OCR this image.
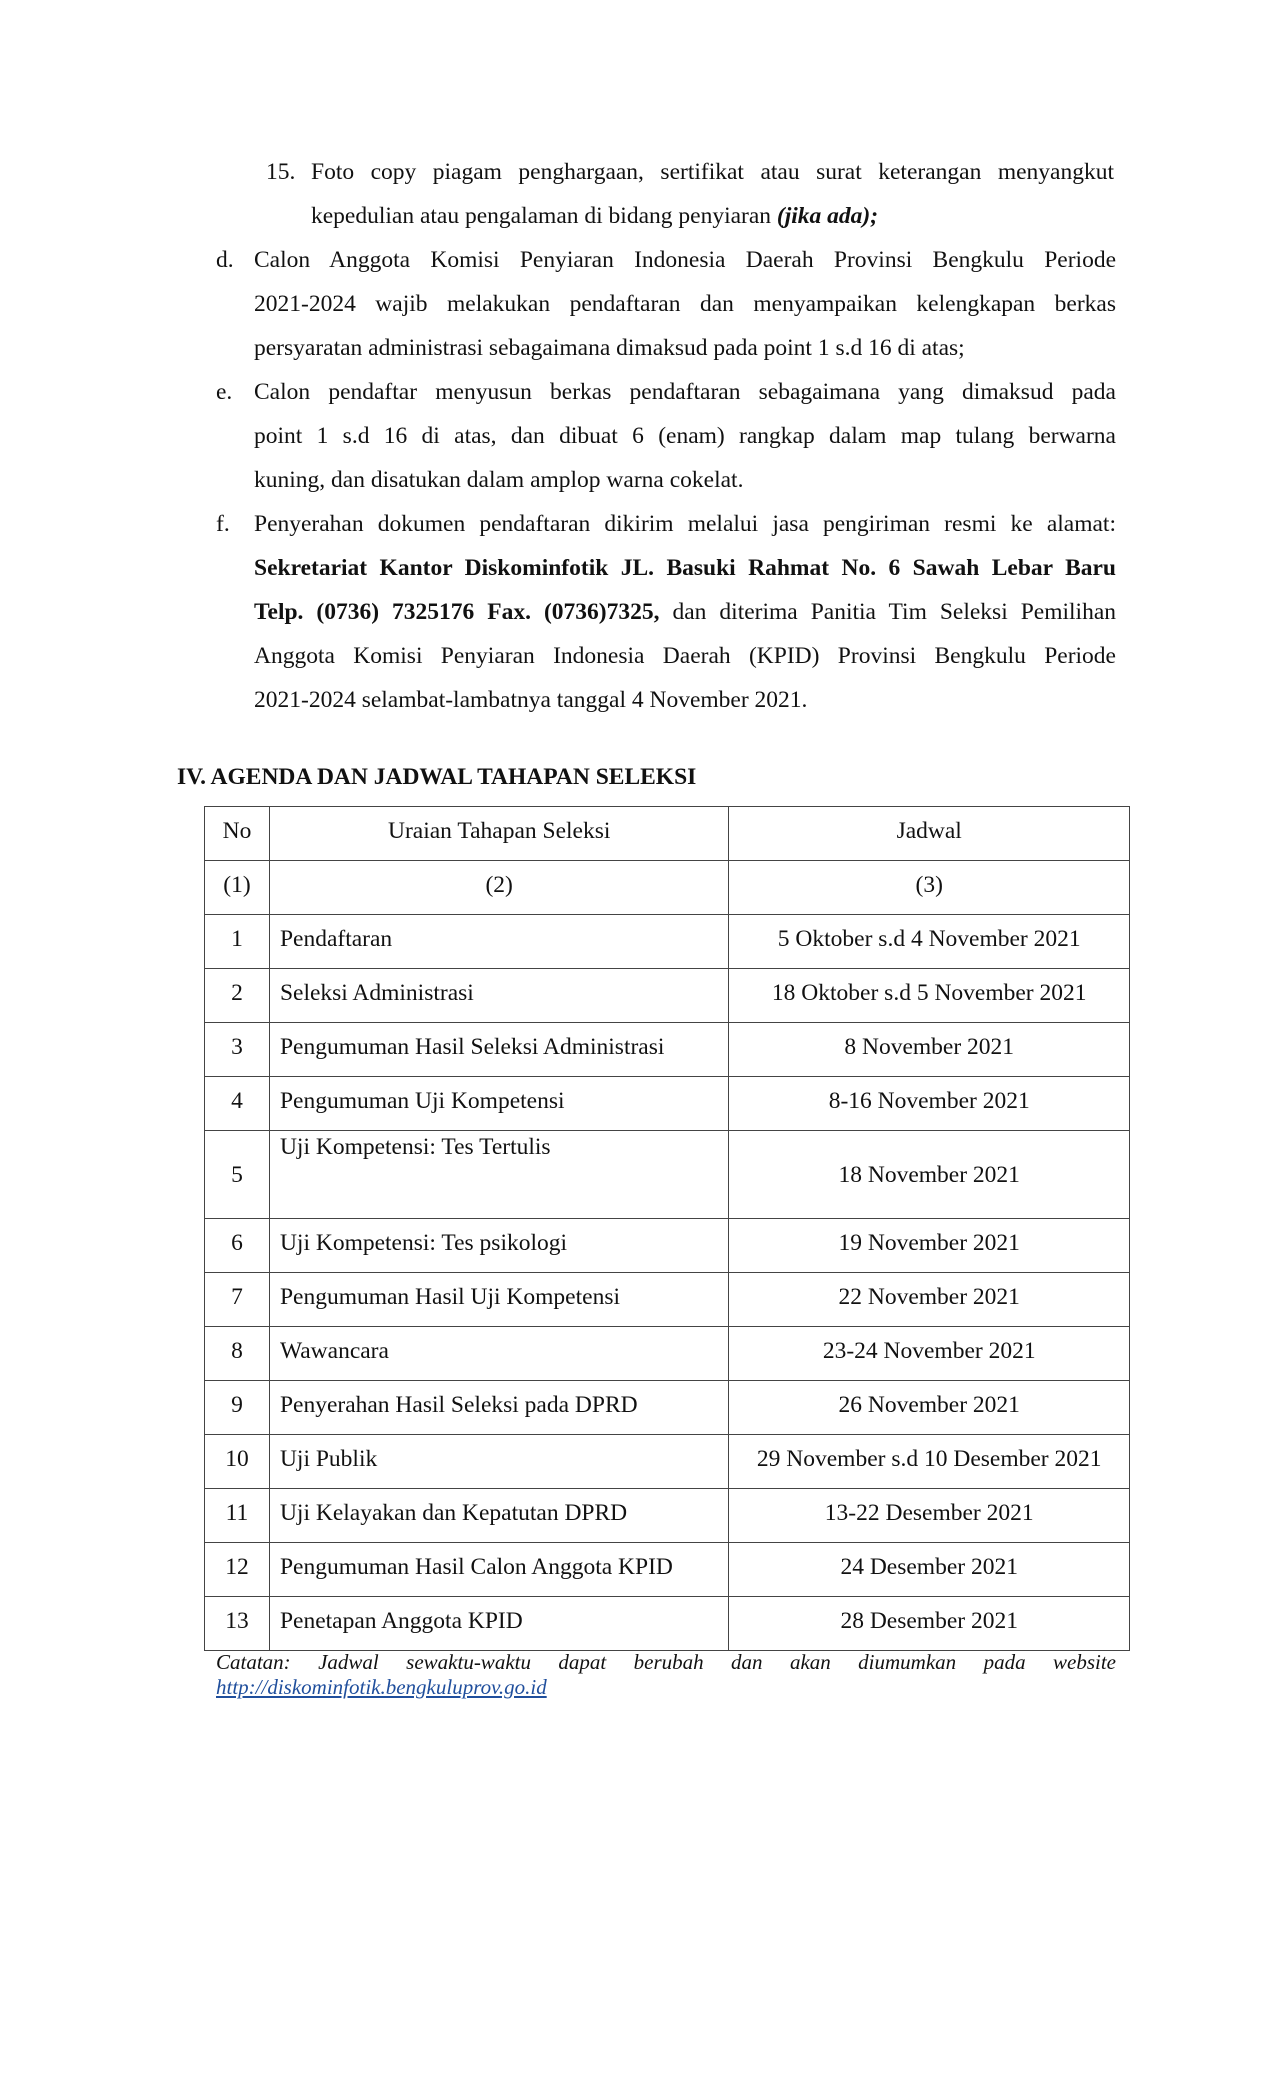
15. Foto copy piagam penghargaan, sertifikat atau surat keterangan menyangkut
kepedulian atau pengalaman di bidang penyiaran (jika ada);
d. Calon Anggota Komisi Penyiaran Indonesia Daerah Provinsi Bengkulu Periode
2021-2024 wajib melakukan pendaftaran dan menyampaikan kelengkapan berkas
persyaratan administrasi sebagaimana dimaksud pada point 1 s.d 16 di atas;
e. Calon pendaftar menyusun berkas pendaftaran sebagaimana yang dimaksud pada
point 1 s.d 16 di atas, dan dibuat 6 (enam) rangkap dalam map tulang berwarna
kuning, dan disatukan dalam amplop warna cokelat.
f. Penyerahan dokumen pendaftaran dikirim melalui jasa pengiriman resmi ke alamat:
Sekretariat Kantor Diskominfotik JL. Basuki Rahmat No. 6 Sawah Lebar Baru
Telp. (0736) 7325176 Fax. (0736)7325, dan diterima Panitia Tim Seleksi Pemilihan
Anggota Komisi Penyiaran Indonesia Daerah (KPID) Provinsi Bengkulu Periode
2021-2024 selambat-lambatnya tanggal 4 November 2021.
IV. AGENDA DAN JADWAL TAHAPAN SELEKSI
No	Uraian Tahapan Seleksi	Jadwal
(1)	(2)	(3)
1	Pendaftaran	5 Oktober s.d 4 November 2021
2	Seleksi Administrasi	18 Oktober s.d 5 November 2021
3	Pengumuman Hasil Seleksi Administrasi	8 November 2021
4	Pengumuman Uji Kompetensi	8-16 November 2021
5	Uji Kompetensi: Tes Tertulis	18 November 2021
6	Uji Kompetensi: Tes psikologi	19 November 2021
7	Pengumuman Hasil Uji Kompetensi	22 November 2021
8	Wawancara	23-24 November 2021
9	Penyerahan Hasil Seleksi pada DPRD	26 November 2021
10	Uji Publik	29 November s.d 10 Desember 2021
11	Uji Kelayakan dan Kepatutan DPRD	13-22 Desember 2021
12	Pengumuman Hasil Calon Anggota KPID	24 Desember 2021
13	Penetapan Anggota KPID	28 Desember 2021
Catatan: Jadwal sewaktu-waktu dapat berubah dan akan diumumkan pada website
http://diskominfotik.bengkuluprov.go.id
